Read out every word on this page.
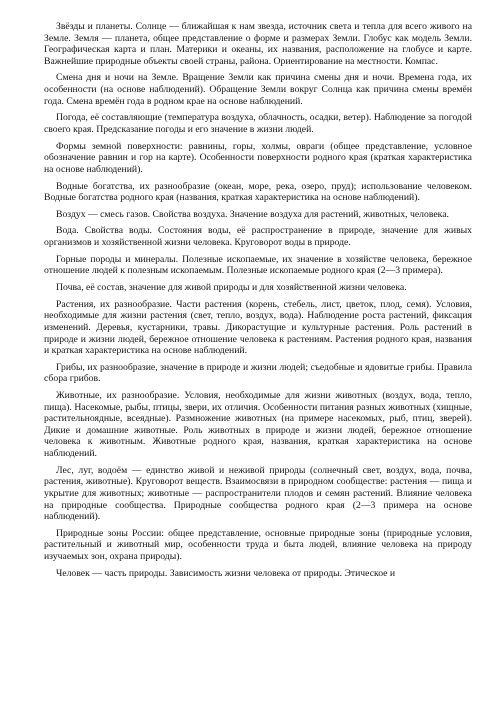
Звёзды и планеты. Солнце — ближайшая к нам звезда, источник света и тепла для всего живого на Земле. Земля — планета, общее представление о форме и размерах Земли. Глобус как модель Земли. Географическая карта и план. Материки и океаны, их названия, расположение на глобусе и карте. Важнейшие природные объекты своей страны, района. Ориентирование на местности. Компас.

Смена дня и ночи на Земле. Вращение Земли как причина смены дня и ночи. Времена года, их особенности (на основе наблюдений). Обращение Земли вокруг Солнца как причина смены времён года. Смена времён года в родном крае на основе наблюдений.

Погода, её составляющие (температура воздуха, облачность, осадки, ветер). Наблюдение за погодой своего края. Предсказание погоды и его значение в жизни людей.

Формы земной поверхности: равнины, горы, холмы, овраги (общее представление, условное обозначение равнин и гор на карте). Особенности поверхности родного края (краткая характеристика на основе наблюдений).

Водные богатства, их разнообразие (океан, море, река, озеро, пруд); использование человеком. Водные богатства родного края (названия, краткая характеристика на основе наблюдений).

Воздух — смесь газов. Свойства воздуха. Значение воздуха для растений, животных, человека.

Вода. Свойства воды. Состояния воды, её распространение в природе, значение для живых организмов и хозяйственной жизни человека. Круговорот воды в природе.

Горные породы и минералы. Полезные ископаемые, их значение в хозяйстве человека, бережное отношение людей к полезным ископаемым. Полезные ископаемые родного края (2—3 примера).

Почва, её состав, значение для живой природы и для хозяйственной жизни человека.

Растения, их разнообразие. Части растения (корень, стебель, лист, цветок, плод, семя). Условия, необходимые для жизни растения (свет, тепло, воздух, вода). Наблюдение роста растений, фиксация изменений. Деревья, кустарники, травы. Дикорастущие и культурные растения. Роль растений в природе и жизни людей, бережное отношение человека к растениям. Растения родного края, названия и краткая характеристика на основе наблюдений.

Грибы, их разнообразие, значение в природе и жизни людей; съедобные и ядовитые грибы. Правила сбора грибов.

Животные, их разнообразие. Условия, необходимые для жизни животных (воздух, вода, тепло, пища). Насекомые, рыбы, птицы, звери, их отличия. Особенности питания разных животных (хищные, растительноядные, всеядные). Размножение животных (на примере насекомых, рыб, птиц, зверей). Дикие и домашние животные. Роль животных в природе и жизни людей, бережное отношение человека к животным. Животные родного края, названия, краткая характеристика на основе наблюдений.

Лес, луг, водоём — единство живой и неживой природы (солнечный свет, воздух, вода, почва, растения, животные). Круговорот веществ. Взаимосвязи в природном сообществе: растения — пища и укрытие для животных; животные — распространители плодов и семян растений. Влияние человека на природные сообщества. Природные сообщества родного края (2—3 примера на основе наблюдений).

Природные зоны России: общее представление, основные природные зоны (природные условия, растительный и животный мир, особенности труда и быта людей, влияние человека на природу изучаемых зон, охрана природы).

Человек — часть природы. Зависимость жизни человека от природы. Этическое и
